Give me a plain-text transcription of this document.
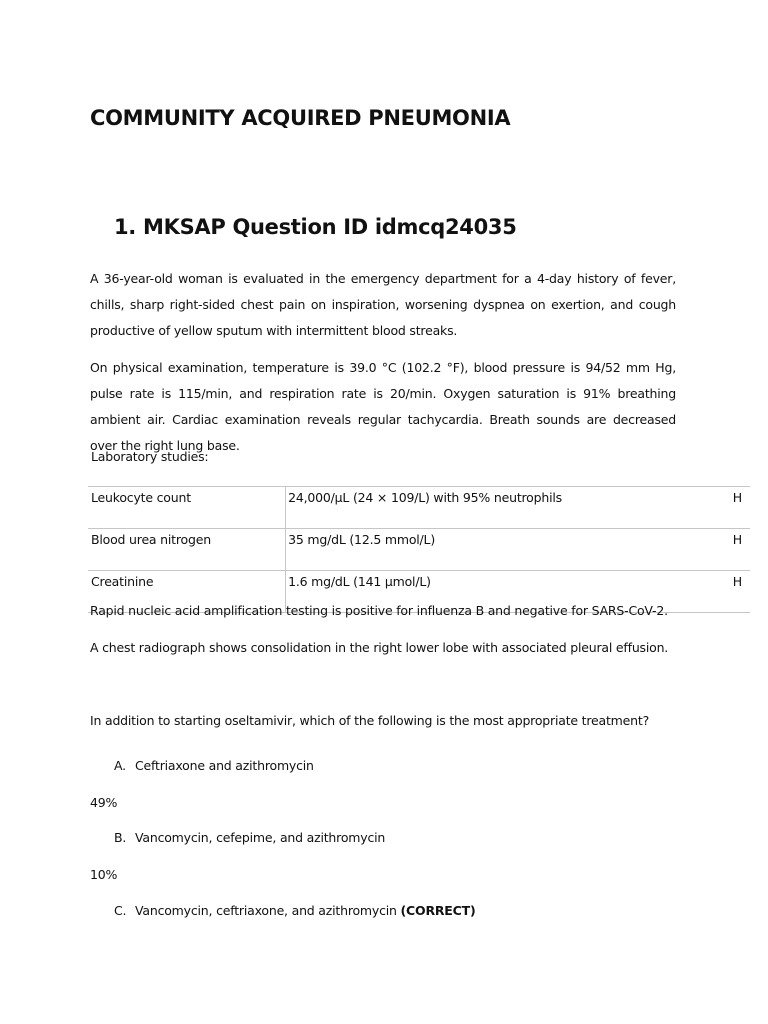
COMMUNITY ACQUIRED PNEUMONIA
1. MKSAP Question ID idmcq24035
A 36-year-old woman is evaluated in the emergency department for a 4-day history of fever, chills, sharp right-sided chest pain on inspiration, worsening dyspnea on exertion, and cough productive of yellow sputum with intermittent blood streaks.
On physical examination, temperature is 39.0 °C (102.2 °F), blood pressure is 94/52 mm Hg, pulse rate is 115/min, and respiration rate is 20/min. Oxygen saturation is 91% breathing ambient air. Cardiac examination reveals regular tachycardia. Breath sounds are decreased over the right lung base.
Laboratory studies:
Leukocyte count	24,000/µL (24 × 109/L) with 95% neutrophils	H
Blood urea nitrogen	35 mg/dL (12.5 mmol/L)	H
Creatinine	1.6 mg/dL (141 µmol/L)	H
Rapid nucleic acid amplification testing is positive for influenza B and negative for SARS-CoV-2.
A chest radiograph shows consolidation in the right lower lobe with associated pleural effusion.
In addition to starting oseltamivir, which of the following is the most appropriate treatment?
A. Ceftriaxone and azithromycin
49%
B. Vancomycin, cefepime, and azithromycin
10%
C. Vancomycin, ceftriaxone, and azithromycin (CORRECT)
